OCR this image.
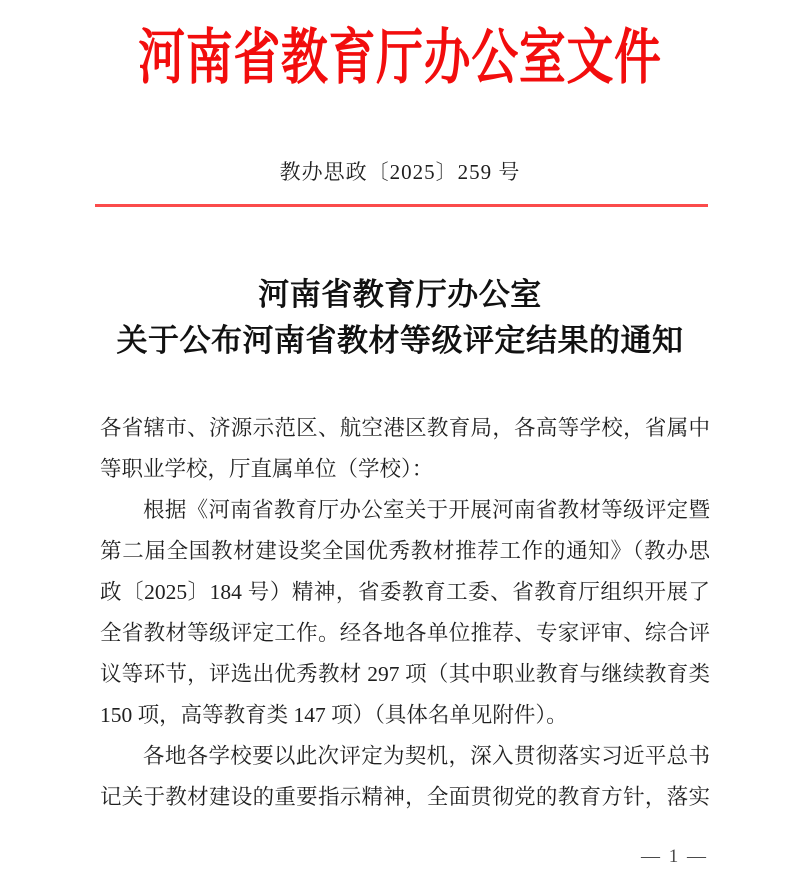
河南省教育厅办公室文件
教办思政〔2025〕259 号
河南省教育厅办公室
关于公布河南省教材等级评定结果的通知
各省辖市、济源示范区、航空港区教育局，各高等学校，省属中
等职业学校，厅直属单位（学校）：
根据《河南省教育厅办公室关于开展河南省教材等级评定暨
第二届全国教材建设奖全国优秀教材推荐工作的通知》（教办思
政〔2025〕184 号）精神，省委教育工委、省教育厅组织开展了
全省教材等级评定工作。经各地各单位推荐、专家评审、综合评
议等环节，评选出优秀教材 297 项（其中职业教育与继续教育类
150 项，高等教育类 147 项）（具体名单见附件）。
各地各学校要以此次评定为契机，深入贯彻落实习近平总书
记关于教材建设的重要指示精神，全面贯彻党的教育方针，落实
— 1 —
